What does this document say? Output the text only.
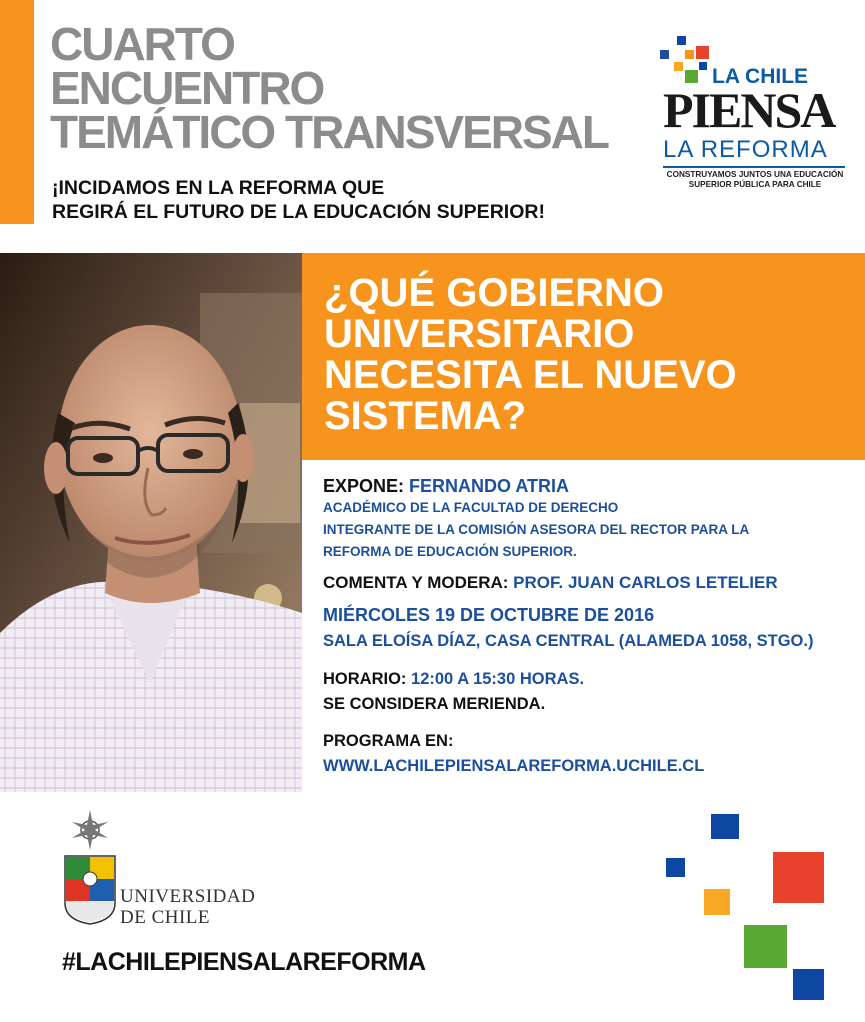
CUARTO
ENCUENTRO
TEMÁTICO TRANSVERSAL
¡INCIDAMOS EN LA REFORMA QUE
REGIRÁ EL FUTURO DE LA EDUCACIÓN SUPERIOR!
LA CHILE
PIENSA
LA REFORMA
CONSTRUYAMOS JUNTOS UNA EDUCACIÓN
SUPERIOR PÚBLICA PARA CHILE
¿QUÉ GOBIERNO
UNIVERSITARIO
NECESITA EL NUEVO
SISTEMA?
EXPONE: FERNANDO ATRIA
ACADÉMICO DE LA FACULTAD DE DERECHO
INTEGRANTE DE LA COMISIÓN ASESORA DEL RECTOR PARA LA
REFORMA DE EDUCACIÓN SUPERIOR.
COMENTA Y MODERA: PROF. JUAN CARLOS LETELIER
MIÉRCOLES 19 DE OCTUBRE DE 2016
SALA ELOÍSA DÍAZ, CASA CENTRAL (ALAMEDA 1058, STGO.)
HORARIO: 12:00 A 15:30 HORAS.
SE CONSIDERA MERIENDA.
PROGRAMA EN:
WWW.LACHILEPIENSALAREFORMA.UCHILE.CL
UNIVERSIDAD
DE CHILE
#LACHILEPIENSALAREFORMA
